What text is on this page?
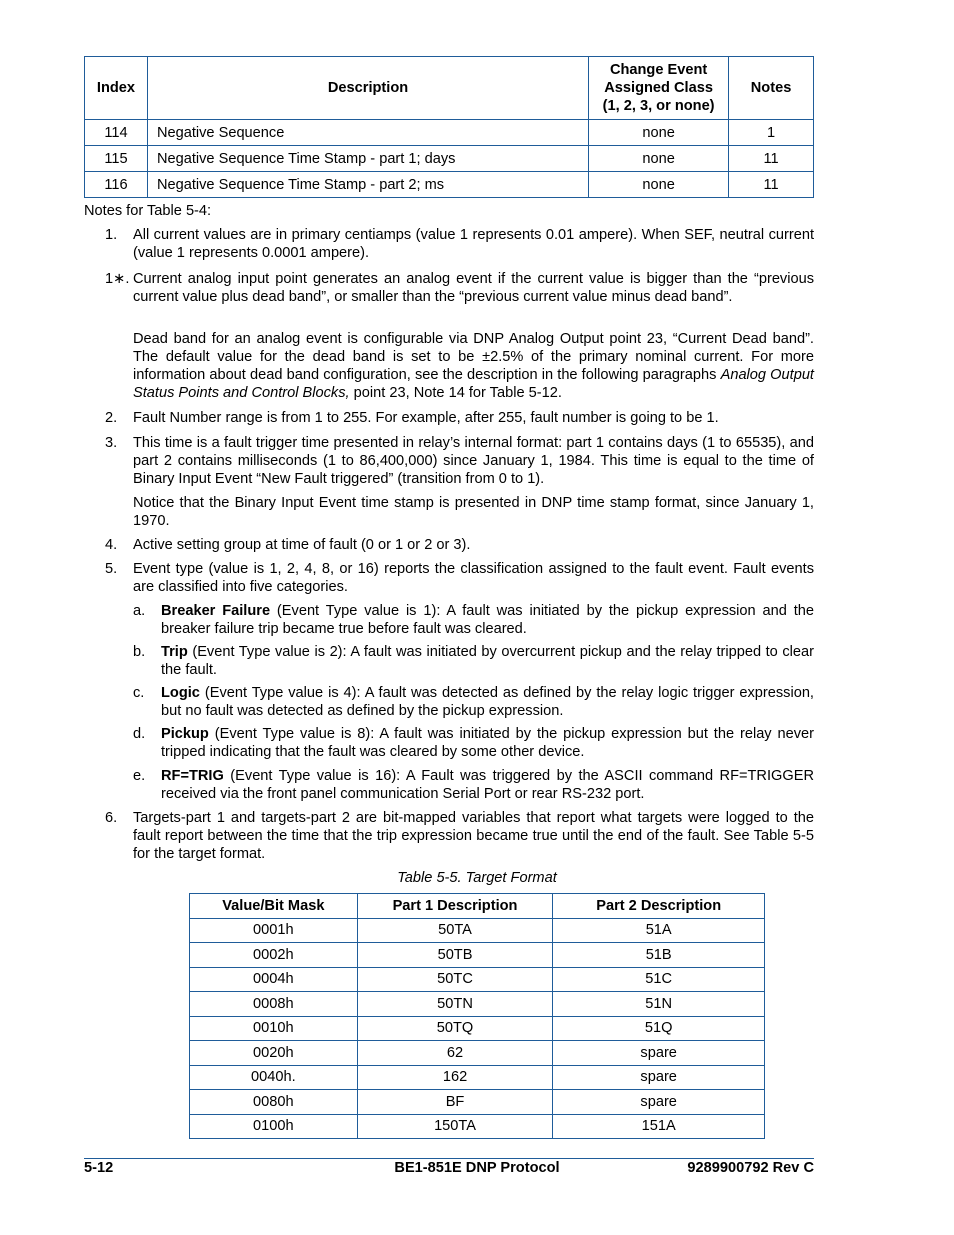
Index	Description	Change Event Assigned Class (1, 2, 3, or none)	Notes
114	Negative Sequence	none	1
115	Negative Sequence Time Stamp - part 1; days	none	11
116	Negative Sequence Time Stamp - part 2; ms	none	11
Notes for Table 5-4:
1. All current values are in primary centiamps (value 1 represents 0.01 ampere). When SEF, neutral current (value 1 represents 0.0001 ampere).
1∗. Current analog input point generates an analog event if the current value is bigger than the “previous current value plus dead band”, or smaller than the “previous current value minus dead band”.
Dead band for an analog event is configurable via DNP Analog Output point 23, “Current Dead band”. The default value for the dead band is set to be ±2.5% of the primary nominal current. For more information about dead band configuration, see the description in the following paragraphs Analog Output Status Points and Control Blocks, point 23, Note 14 for Table 5-12.
2. Fault Number range is from 1 to 255. For example, after 255, fault number is going to be 1.
3. This time is a fault trigger time presented in relay’s internal format: part 1 contains days (1 to 65535), and part 2 contains milliseconds (1 to 86,400,000) since January 1, 1984. This time is equal to the time of Binary Input Event “New Fault triggered” (transition from 0 to 1).
Notice that the Binary Input Event time stamp is presented in DNP time stamp format, since January 1, 1970.
4. Active setting group at time of fault (0 or 1 or 2 or 3).
5. Event type (value is 1, 2, 4, 8, or 16) reports the classification assigned to the fault event. Fault events are classified into five categories.
a. Breaker Failure (Event Type value is 1): A fault was initiated by the pickup expression and the breaker failure trip became true before fault was cleared.
b. Trip (Event Type value is 2): A fault was initiated by overcurrent pickup and the relay tripped to clear the fault.
c. Logic (Event Type value is 4): A fault was detected as defined by the relay logic trigger expression, but no fault was detected as defined by the pickup expression.
d. Pickup (Event Type value is 8): A fault was initiated by the pickup expression but the relay never tripped indicating that the fault was cleared by some other device.
e. RF=TRIG (Event Type value is 16): A Fault was triggered by the ASCII command RF=TRIGGER received via the front panel communication Serial Port or rear RS-232 port.
6. Targets-part 1 and targets-part 2 are bit-mapped variables that report what targets were logged to the fault report between the time that the trip expression became true until the end of the fault. See Table 5-5 for the target format.
Table 5-5. Target Format
Value/Bit Mask	Part 1 Description	Part 2 Description
0001h	50TA	51A
0002h	50TB	51B
0004h	50TC	51C
0008h	50TN	51N
0010h	50TQ	51Q
0020h	62	spare
0040h.	162	spare
0080h	BF	spare
0100h	150TA	151A
5-12	BE1-851E DNP Protocol	9289900792 Rev C
